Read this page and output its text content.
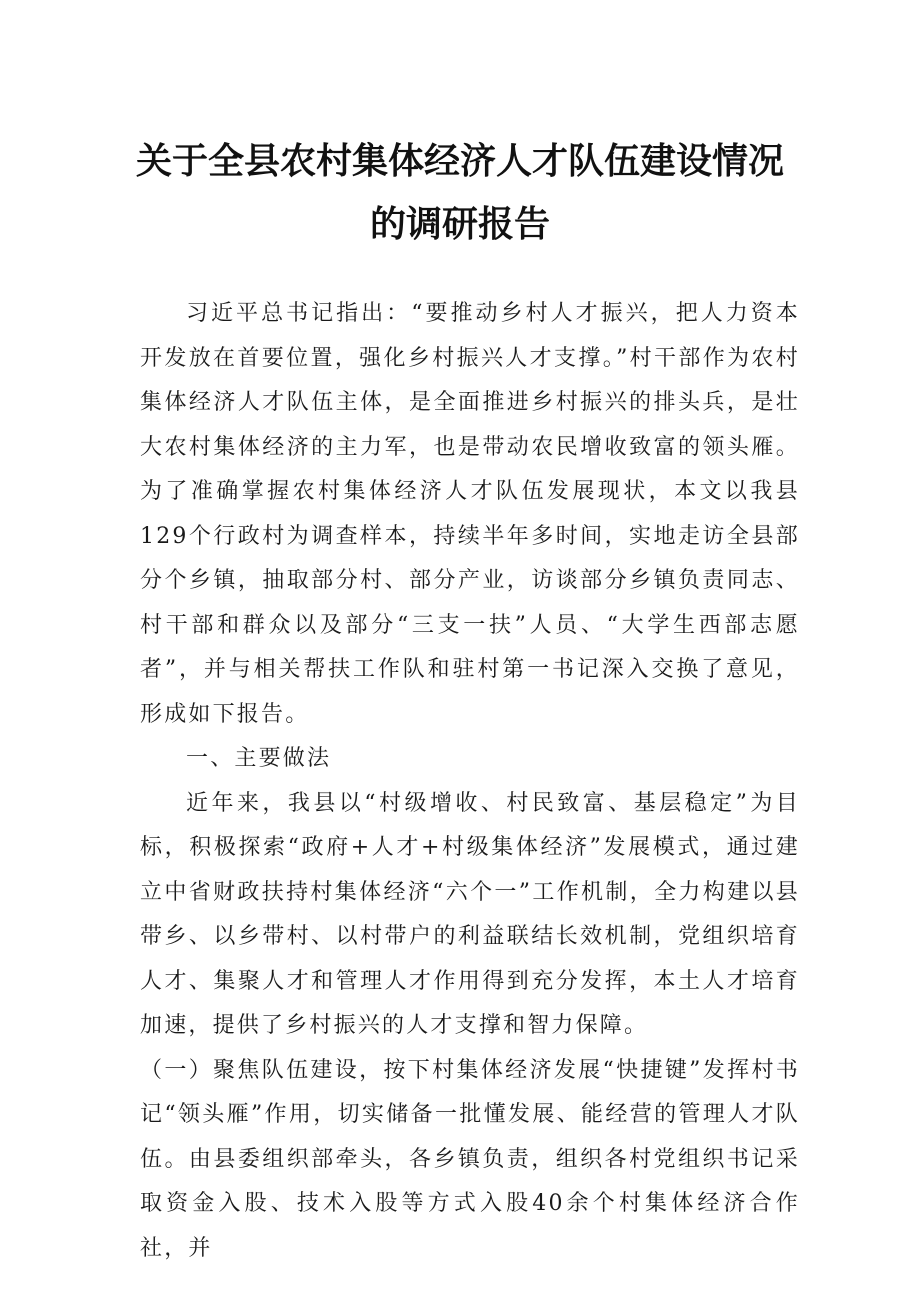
关于全县农村集体经济人才队伍建设情况
的调研报告

习近平总书记指出：“要推动乡村人才振兴，把人力资本开发放在首要位置，强化乡村振兴人才支撑。”村干部作为农村集体经济人才队伍主体，是全面推进乡村振兴的排头兵，是壮大农村集体经济的主力军，也是带动农民增收致富的领头雁。为了准确掌握农村集体经济人才队伍发展现状，本文以我县129个行政村为调查样本，持续半年多时间，实地走访全县部分个乡镇，抽取部分村、部分产业，访谈部分乡镇负责同志、村干部和群众以及部分“三支一扶”人员、“大学生西部志愿者”，并与相关帮扶工作队和驻村第一书记深入交换了意见，形成如下报告。

一、主要做法

近年来，我县以“村级增收、村民致富、基层稳定”为目标，积极探索“政府+人才+村级集体经济”发展模式，通过建立中省财政扶持村集体经济“六个一”工作机制，全力构建以县带乡、以乡带村、以村带户的利益联结长效机制，党组织培育人才、集聚人才和管理人才作用得到充分发挥，本土人才培育加速，提供了乡村振兴的人才支撑和智力保障。

（一）聚焦队伍建设，按下村集体经济发展“快捷键”发挥村书记“领头雁”作用，切实储备一批懂发展、能经营的管理人才队伍。由县委组织部牵头，各乡镇负责，组织各村党组织书记采取资金入股、技术入股等方式入股40余个村集体经济合作社，并
